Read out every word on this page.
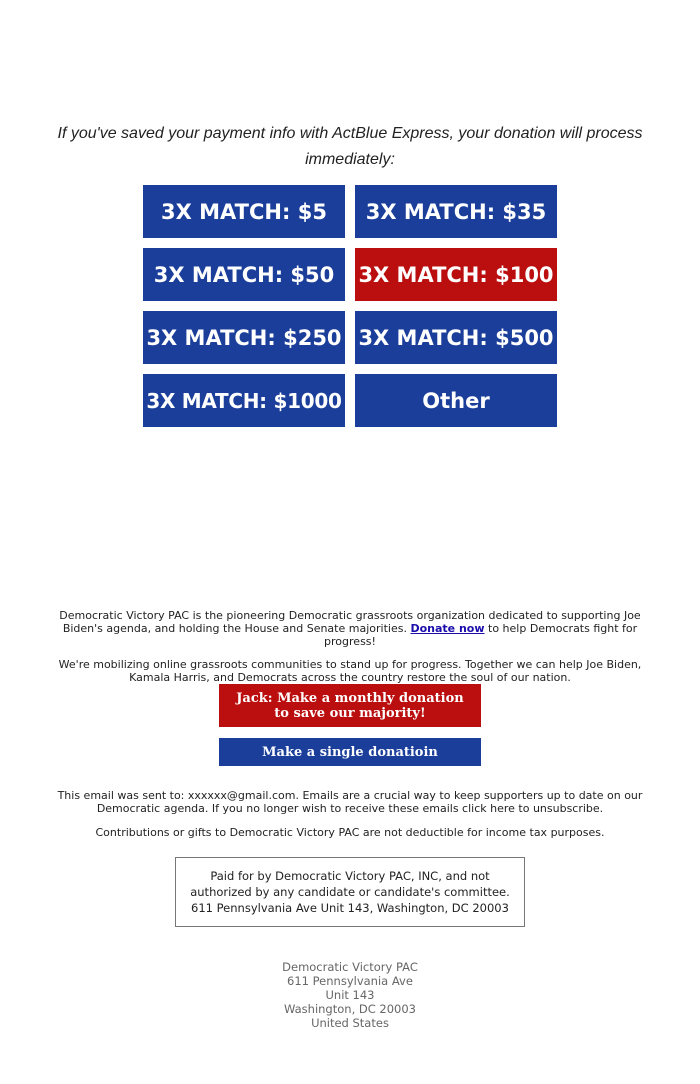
If you've saved your payment info with ActBlue Express, your donation will process immediately:

3X MATCH: $5	3X MATCH: $35
3X MATCH: $50	3X MATCH: $100
3X MATCH: $250 3X MATCH: $500
3X MATCH: $1000	Other

Democratic Victory PAC is the pioneering Democratic grassroots organization dedicated to supporting Joe Biden's agenda, and holding the House and Senate majorities. Donate now to help Democrats fight for progress!

We're mobilizing online grassroots communities to stand up for progress. Together we can help Joe Biden, Kamala Harris, and Democrats across the country restore the soul of our nation.

Jack: Make a monthly donation to save our majority!
Make a single donatioin

This email was sent to: xxxxxx@gmail.com. Emails are a crucial way to keep supporters up to date on our Democratic agenda. If you no longer wish to receive these emails click here to unsubscribe.

Contributions or gifts to Democratic Victory PAC are not deductible for income tax purposes.

Paid for by Democratic Victory PAC, INC, and not authorized by any candidate or candidate's committee. 611 Pennsylvania Ave Unit 143, Washington, DC 20003
Democratic Victory PAC
611 Pennsylvania Ave
Unit 143
Washington, DC 20003
United States
